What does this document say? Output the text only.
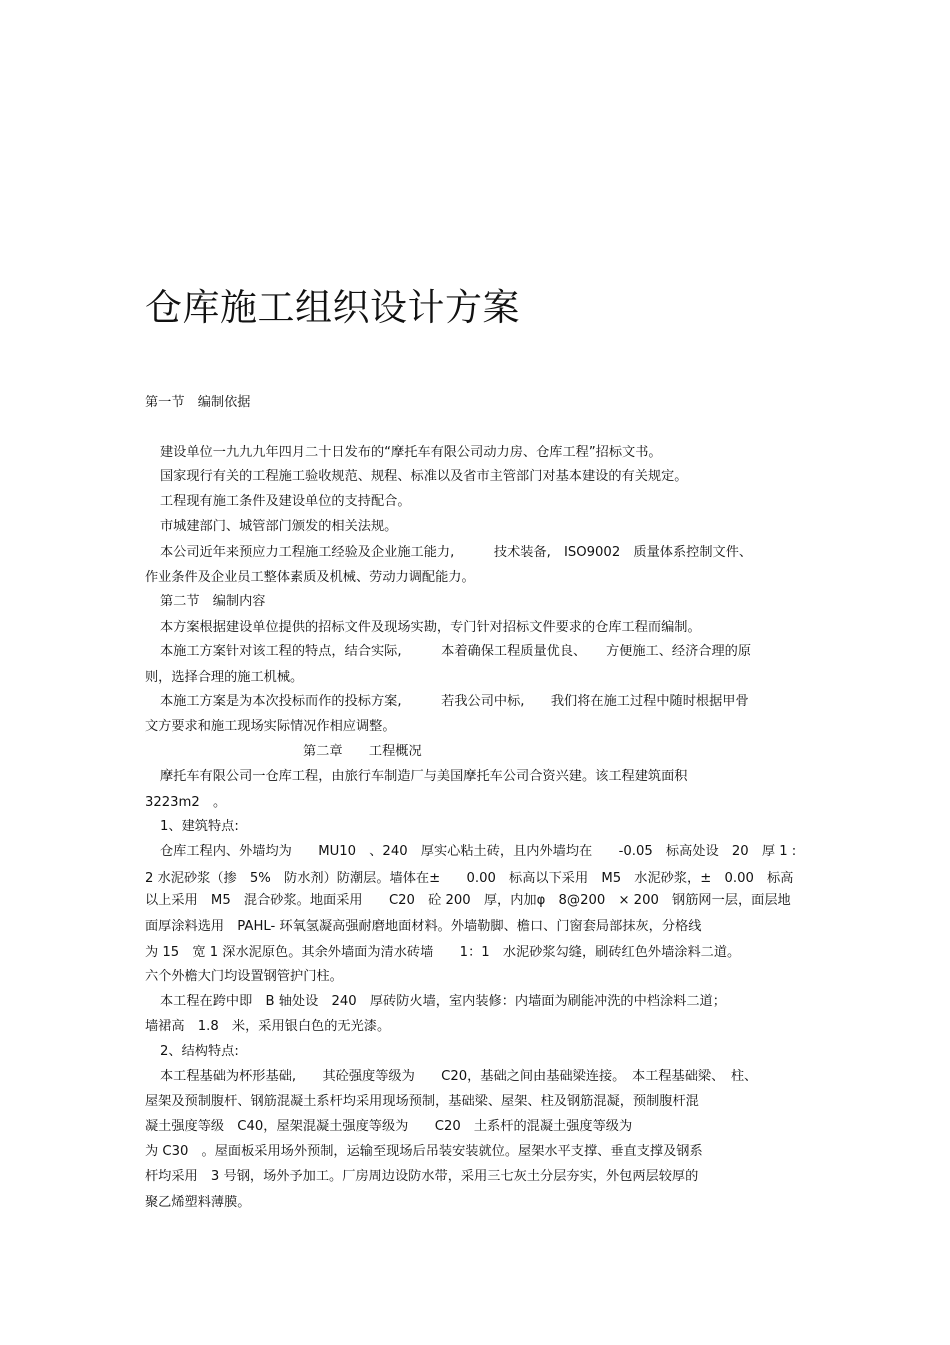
仓库施工组织设计方案
第一节　编制依据
建设单位一九九九年四月二十日发布的“摩托车有限公司动力房、仓库工程”招标文书。
国家现行有关的工程施工验收规范、规程、标准以及省市主管部门对基本建设的有关规定。
工程现有施工条件及建设单位的支持配合。
市城建部门、城管部门颁发的相关法规。
本公司近年来预应力工程施工经验及企业施工能力,　　　技术装备,　ISO9002　质量体系控制文件、
作业条件及企业员工整体素质及机械、劳动力调配能力。
第二节　编制内容
本方案根据建设单位提供的招标文件及现场实勘，专门针对招标文件要求的仓库工程而编制。
本施工方案针对该工程的特点，结合实际,　　　本着确保工程质量优良、　　方便施工、经济合理的原
则，选择合理的施工机械。
本施工方案是为本次投标而作的投标方案,　　　若我公司中标,　　我们将在施工过程中随时根据甲骨
文方要求和施工现场实际情况作相应调整。
第二章　　工程概况
摩托车有限公司一仓库工程，由旅行车制造厂与美国摩托车公司合资兴建。该工程建筑面积
3223m2　。
1、建筑特点:
仓库工程内、外墙均为　　MU10　、240　厚实心粘土砖，且内外墙均在　　-0.05　标高处设　20　厚 1 :
2 水泥砂浆（掺　5%　防水剂）防潮层。墙体在±　　0.00　标高以下采用　M5　水泥砂浆，±　0.00　标高
以上采用　M5　混合砂浆。地面采用　　C20　砼 200　厚，内加φ　8@200　× 200　钢筋网一层，面层地
面厚涂料选用　PAHL- 环氧氢凝高强耐磨地面材料。外墙勒脚、檐口、门窗套局部抹灰，分格线
为 15　宽 1 深水泥原色。其余外墙面为清水砖墙　　1：1　水泥砂浆勾缝，刷砖红色外墙涂料二道。
六个外檐大门均设置钢管护门柱。
本工程在跨中即　B 轴处设　240　厚砖防火墙，室内装修：内墙面为刷能冲洗的中档涂料二道；
墙裙高　1.8　米，采用银白色的无光漆。
2、结构特点:
本工程基础为杯形基础,　　其砼强度等级为　　C20，基础之间由基础梁连接。　本工程基础梁、　柱、
屋架及预制腹杆、钢筋混凝土系杆均采用现场预制，基础梁、屋架、柱及钢筋混凝，预制腹杆混
凝土强度等级　C40，屋架混凝土强度等级为　　C20　土系杆的混凝土强度等级为
为 C30　。屋面板采用场外预制，运输至现场后吊装安装就位。屋架水平支撑、垂直支撑及钢系
杆均采用　3 号钢，场外予加工。厂房周边设防水带，采用三七灰土分层夯实，外包两层较厚的
聚乙烯塑料薄膜。
